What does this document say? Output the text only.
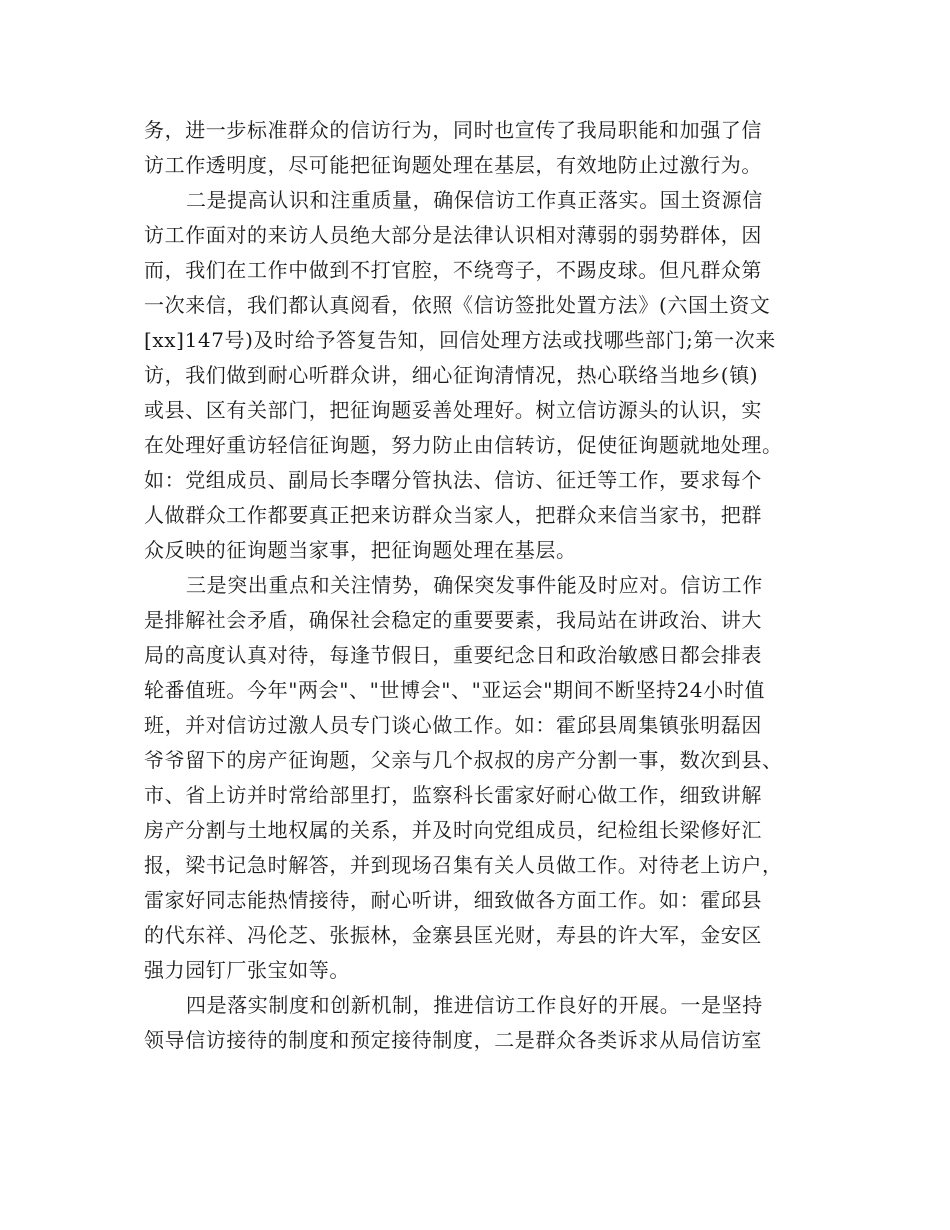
务，进一步标准群众的信访行为，同时也宣传了我局职能和加强了信
访工作透明度，尽可能把征询题处理在基层，有效地防止过激行为。
二是提高认识和注重质量，确保信访工作真正落实。国土资源信
访工作面对的来访人员绝大部分是法律认识相对薄弱的弱势群体，因
而，我们在工作中做到不打官腔，不绕弯子，不踢皮球。但凡群众第
一次来信，我们都认真阅看，依照《信访签批处置方法》(六国土资文
[xx]147号)及时给予答复告知，回信处理方法或找哪些部门;第一次来
访，我们做到耐心听群众讲，细心征询清情况，热心联络当地乡(镇)
或县、区有关部门，把征询题妥善处理好。树立信访源头的认识，实
在处理好重访轻信征询题，努力防止由信转访，促使征询题就地处理。
如：党组成员、副局长李曙分管执法、信访、征迁等工作，要求每个
人做群众工作都要真正把来访群众当家人，把群众来信当家书，把群
众反映的征询题当家事，把征询题处理在基层。
三是突出重点和关注情势，确保突发事件能及时应对。信访工作
是排解社会矛盾，确保社会稳定的重要要素，我局站在讲政治、讲大
局的高度认真对待，每逢节假日，重要纪念日和政治敏感日都会排表
轮番值班。今年"两会"、"世博会"、"亚运会"期间不断坚持24小时值
班，并对信访过激人员专门谈心做工作。如：霍邱县周集镇张明磊因
爷爷留下的房产征询题，父亲与几个叔叔的房产分割一事，数次到县、
市、省上访并时常给部里打，监察科长雷家好耐心做工作，细致讲解
房产分割与土地权属的关系，并及时向党组成员，纪检组长梁修好汇
报，梁书记急时解答，并到现场召集有关人员做工作。对待老上访户，
雷家好同志能热情接待，耐心听讲，细致做各方面工作。如：霍邱县
的代东祥、冯伦芝、张振林，金寨县匡光财，寿县的许大军，金安区
强力园钉厂张宝如等。
四是落实制度和创新机制，推进信访工作良好的开展。一是坚持
领导信访接待的制度和预定接待制度，二是群众各类诉求从局信访室
